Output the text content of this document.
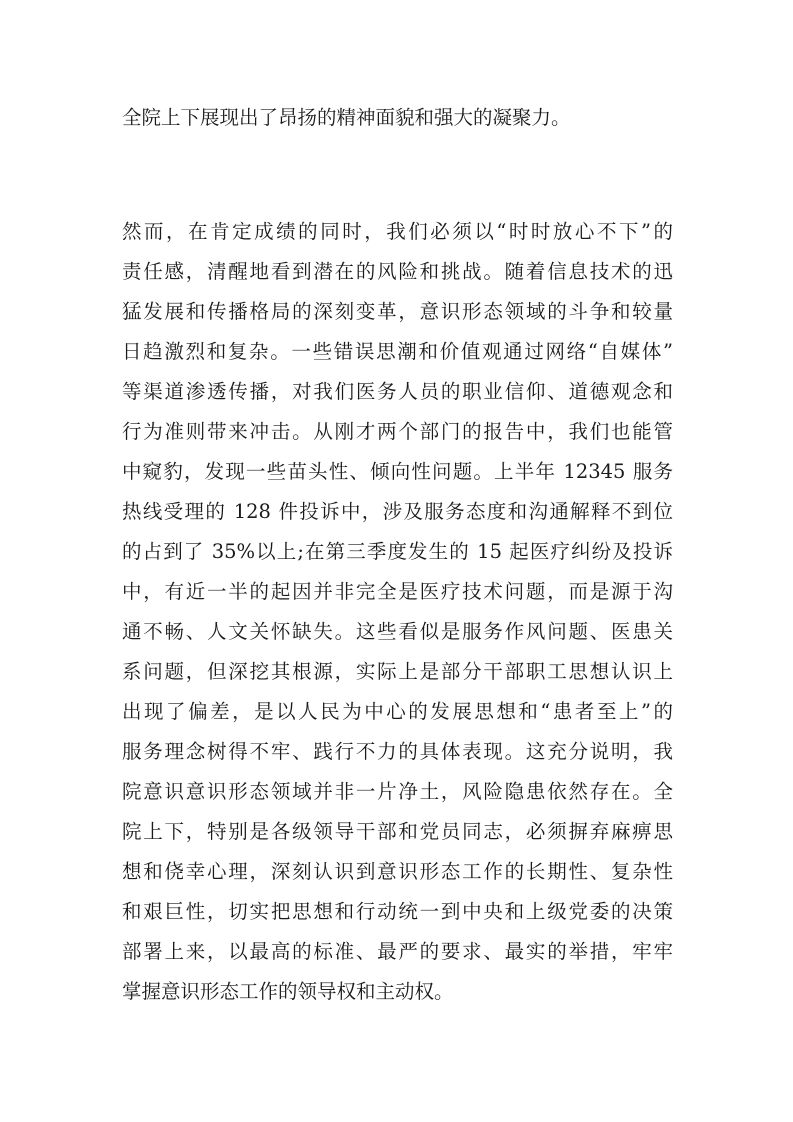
全院上下展现出了昂扬的精神面貌和强大的凝聚力。
然而，在肯定成绩的同时，我们必须以“时时放心不下”的
责任感，清醒地看到潜在的风险和挑战。随着信息技术的迅
猛发展和传播格局的深刻变革，意识形态领域的斗争和较量
日趋激烈和复杂。一些错误思潮和价值观通过网络“自媒体”
等渠道渗透传播，对我们医务人员的职业信仰、道德观念和
行为准则带来冲击。从刚才两个部门的报告中，我们也能管
中窥豹，发现一些苗头性、倾向性问题。上半年 12345 服务
热线受理的 128 件投诉中，涉及服务态度和沟通解释不到位
的占到了 35%以上;在第三季度发生的 15 起医疗纠纷及投诉
中，有近一半的起因并非完全是医疗技术问题，而是源于沟
通不畅、人文关怀缺失。这些看似是服务作风问题、医患关
系问题，但深挖其根源，实际上是部分干部职工思想认识上
出现了偏差，是以人民为中心的发展思想和“患者至上”的
服务理念树得不牢、践行不力的具体表现。这充分说明，我
院意识意识形态领域并非一片净土，风险隐患依然存在。全
院上下，特别是各级领导干部和党员同志，必须摒弃麻痹思
想和侥幸心理，深刻认识到意识形态工作的长期性、复杂性
和艰巨性，切实把思想和行动统一到中央和上级党委的决策
部署上来，以最高的标准、最严的要求、最实的举措，牢牢
掌握意识形态工作的领导权和主动权。
